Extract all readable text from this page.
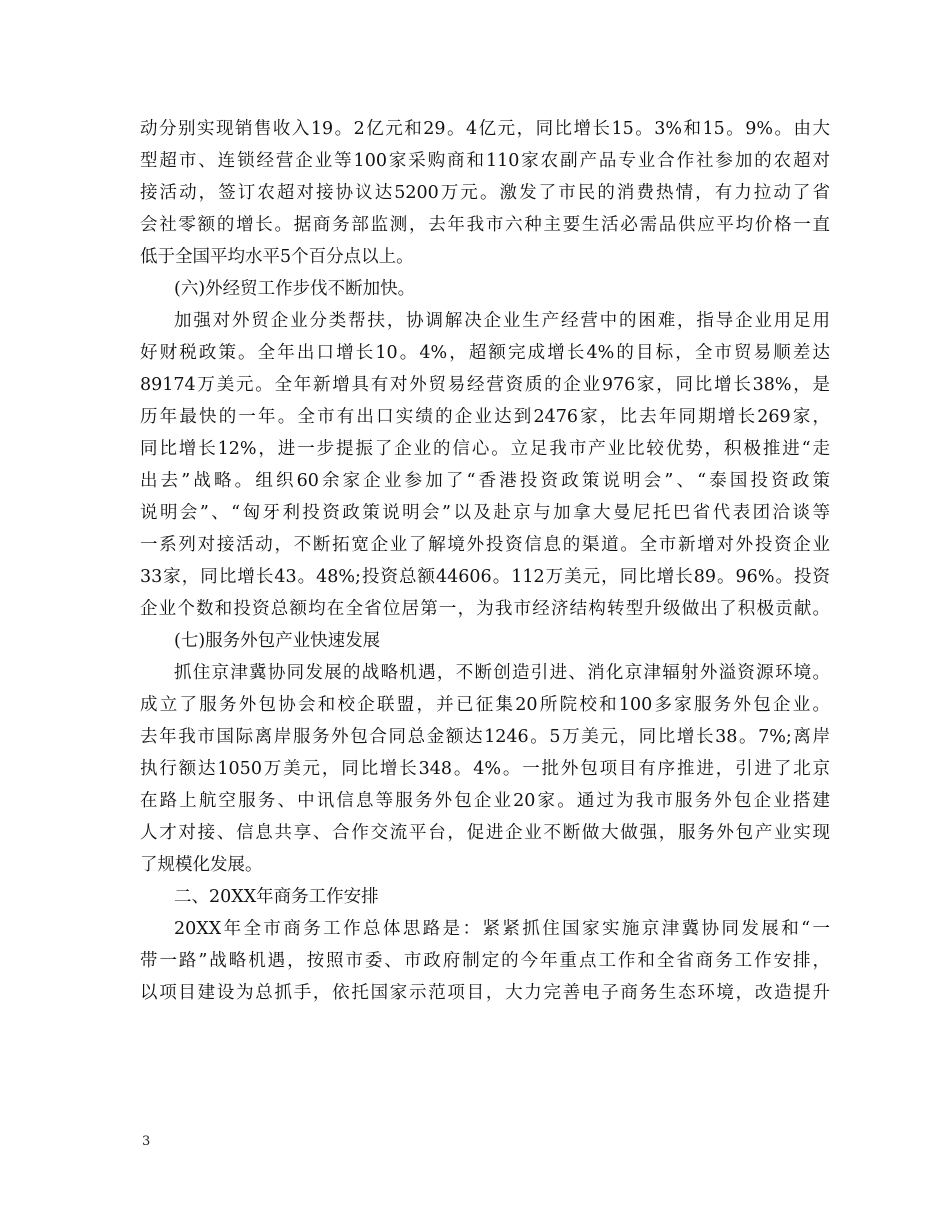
动分别实现销售收入19。2亿元和29。4亿元，同比增长15。3%和15。9%。由大
型超市、连锁经营企业等100家采购商和110家农副产品专业合作社参加的农超对
接活动，签订农超对接协议达5200万元。激发了市民的消费热情，有力拉动了省
会社零额的增长。据商务部监测，去年我市六种主要生活必需品供应平均价格一直
低于全国平均水平5个百分点以上。
(六)外经贸工作步伐不断加快。
加强对外贸企业分类帮扶，协调解决企业生产经营中的困难，指导企业用足用
好财税政策。全年出口增长10。4%，超额完成增长4%的目标，全市贸易顺差达
89174万美元。全年新增具有对外贸易经营资质的企业976家，同比增长38%，是
历年最快的一年。全市有出口实绩的企业达到2476家，比去年同期增长269家，
同比增长12%，进一步提振了企业的信心。立足我市产业比较优势，积极推进“走
出去”战略。组织60余家企业参加了“香港投资政策说明会”、“泰国投资政策
说明会”、“匈牙利投资政策说明会”以及赴京与加拿大曼尼托巴省代表团洽谈等
一系列对接活动，不断拓宽企业了解境外投资信息的渠道。全市新增对外投资企业
33家，同比增长43。48%;投资总额44606。112万美元，同比增长89。96%。投资
企业个数和投资总额均在全省位居第一，为我市经济结构转型升级做出了积极贡献。
(七)服务外包产业快速发展
抓住京津冀协同发展的战略机遇，不断创造引进、消化京津辐射外溢资源环境。
成立了服务外包协会和校企联盟，并已征集20所院校和100多家服务外包企业。
去年我市国际离岸服务外包合同总金额达1246。5万美元，同比增长38。7%;离岸
执行额达1050万美元，同比增长348。4%。一批外包项目有序推进，引进了北京
在路上航空服务、中讯信息等服务外包企业20家。通过为我市服务外包企业搭建
人才对接、信息共享、合作交流平台，促进企业不断做大做强，服务外包产业实现
了规模化发展。
二、20XX年商务工作安排
20XX年全市商务工作总体思路是：紧紧抓住国家实施京津冀协同发展和“一
带一路”战略机遇，按照市委、市政府制定的今年重点工作和全省商务工作安排，
以项目建设为总抓手，依托国家示范项目，大力完善电子商务生态环境，改造提升
3
